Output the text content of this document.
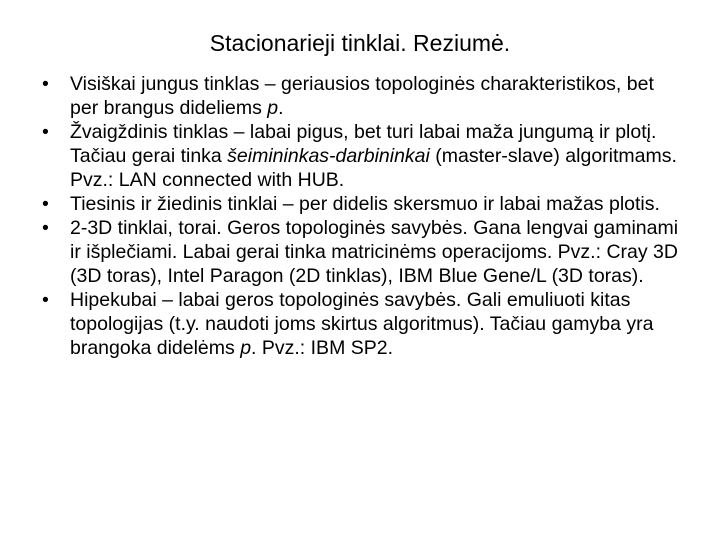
Stacionarieji tinklai. Reziumė.
•	Visiškai jungus tinklas – geriausios topologinės charakteristikos, bet per brangus dideliems p.
•	Žvaigždinis tinklas – labai pigus, bet turi labai maža jungumą ir plotį. Tačiau gerai tinka šeimininkas-darbininkai (master-slave) algoritmams. Pvz.: LAN connected with HUB.
•	Tiesinis ir žiedinis tinklai – per didelis skersmuo ir labai mažas plotis.
•	2-3D tinklai, torai. Geros topologinės savybės. Gana lengvai gaminami ir išplečiami. Labai gerai tinka matricinėms operacijoms. Pvz.: Cray 3D (3D toras), Intel Paragon (2D tinklas), IBM Blue Gene/L (3D toras).
•	Hipekubai – labai geros topologinės savybės. Gali emuliuoti kitas topologijas (t.y. naudoti joms skirtus algoritmus). Tačiau gamyba yra brangoka didelėms p. Pvz.: IBM SP2.
